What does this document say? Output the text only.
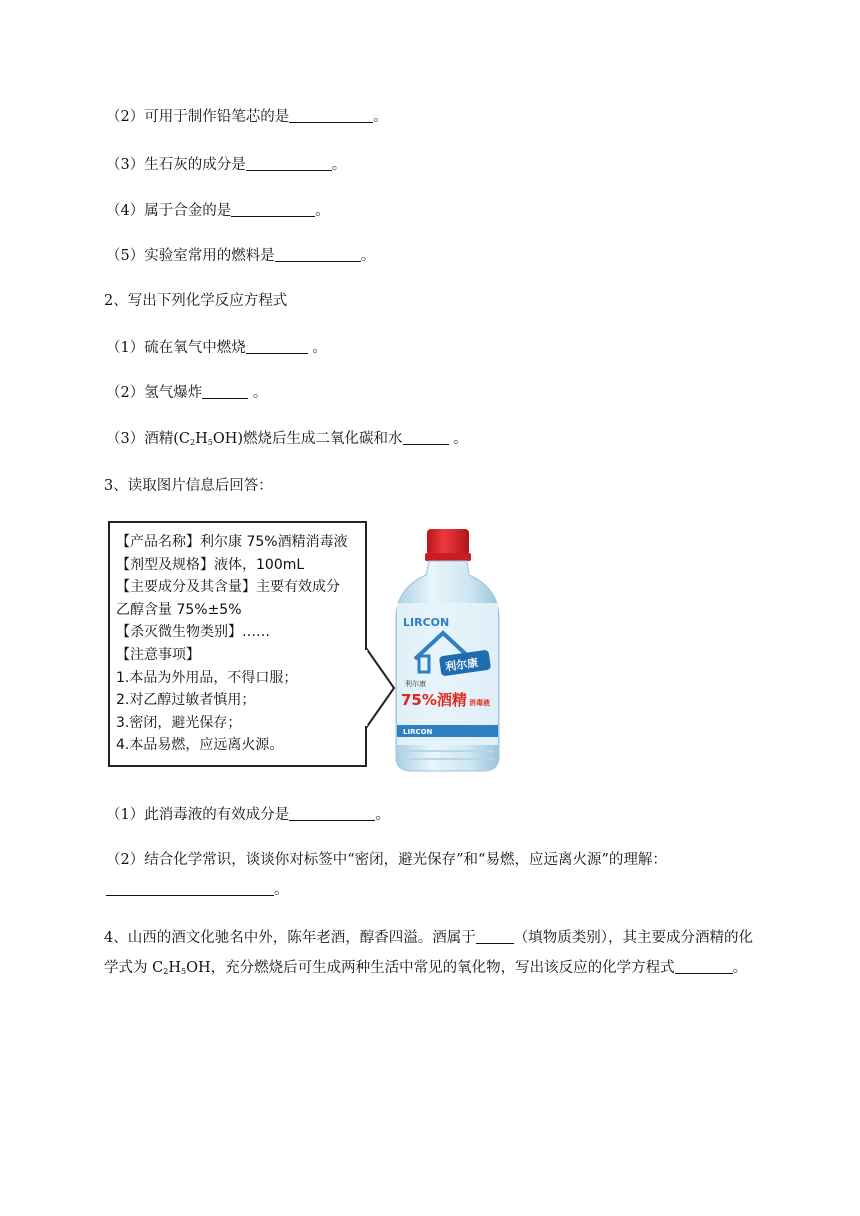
（2）可用于制作铅笔芯的是	。
（3）生石灰的成分是	。
（4）属于合金的是	。
（5）实验室常用的燃料是	。
2、写出下列化学反应方程式
（1）硫在氧气中燃烧	。
（2）氢气爆炸	。
（3）酒精$(C_2H_5OH)$燃烧后生成二氧化碳和水	。
3、读取图片信息后回答：
【产品名称】利尔康 75%酒精消毒液
【剂型及规格】液体，100mL
【主要成分及其含量】主要有效成分
乙醇含量 75%±5%
【杀灭微生物类别】……
【注意事项】
1.本品为外用品，不得口服；
2.对乙醇过敏者慎用；
3.密闭，避光保存；
4.本品易燃，应远离火源。
LIRCON
利尔康
利尔康
75%酒精 消毒液
LIRCON
（1）此消毒液的有效成分是	。
（2）结合化学常识，谈谈你对标签中“密闭，避光保存”和“易燃，应远离火源”的理解：
。
4、山西的酒文化驰名中外，陈年老酒，醇香四溢。酒属于	（填物质类别），其主要成分酒精的化
学式为 $C_2H_5OH$，充分燃烧后可生成两种生活中常见的氧化物，写出该反应的化学方程式	。
